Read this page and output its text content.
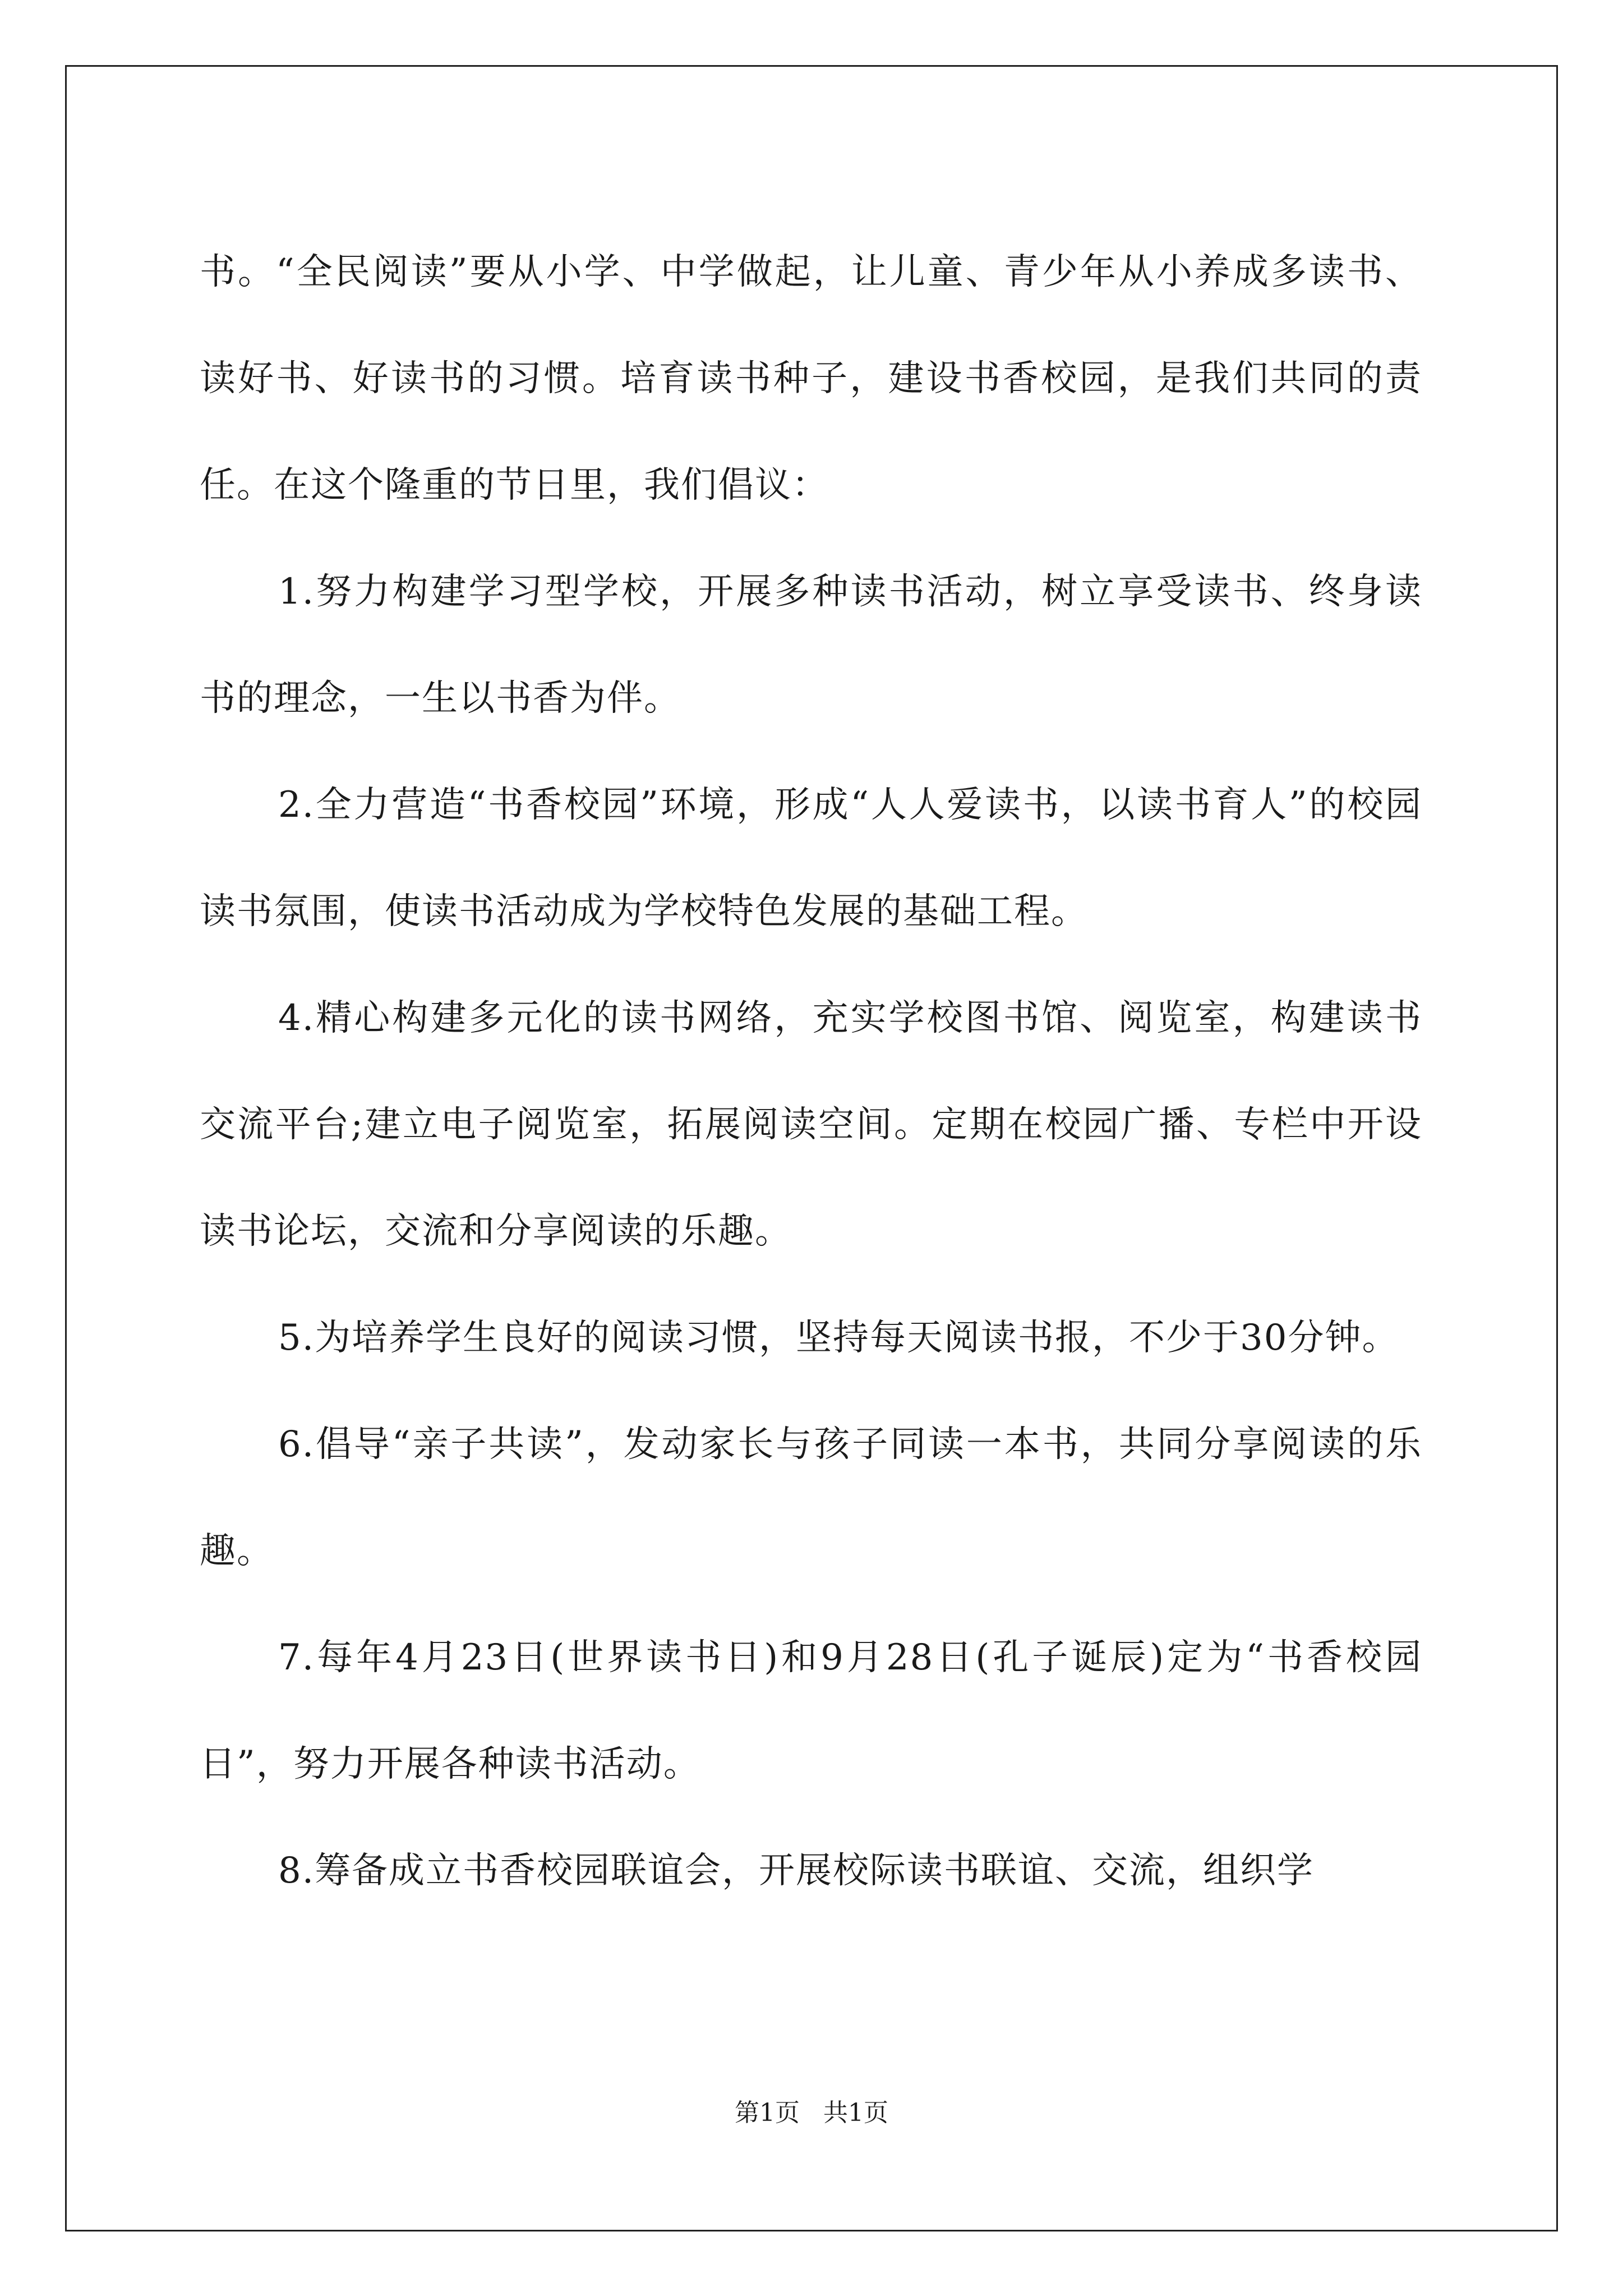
书。“全民阅读”要从小学、中学做起，让儿童、青少年从小养成多读书、读好书、好读书的习惯。培育读书种子，建设书香校园，是我们共同的责任。在这个隆重的节日里，我们倡议：

1.努力构建学习型学校，开展多种读书活动，树立享受读书、终身读书的理念，一生以书香为伴。

2.全力营造“书香校园”环境，形成“人人爱读书，以读书育人”的校园读书氛围，使读书活动成为学校特色发展的基础工程。

4.精心构建多元化的读书网络，充实学校图书馆、阅览室，构建读书交流平台;建立电子阅览室，拓展阅读空间。定期在校园广播、专栏中开设读书论坛，交流和分享阅读的乐趣。

5.为培养学生良好的阅读习惯，坚持每天阅读书报，不少于30分钟。

6.倡导“亲子共读”，发动家长与孩子同读一本书，共同分享阅读的乐趣。

7.每年4月23日(世界读书日)和9月28日(孔子诞辰)定为“书香校园日”，努力开展各种读书活动。

8.筹备成立书香校园联谊会，开展校际读书联谊、交流，组织学

第1页   共1页
